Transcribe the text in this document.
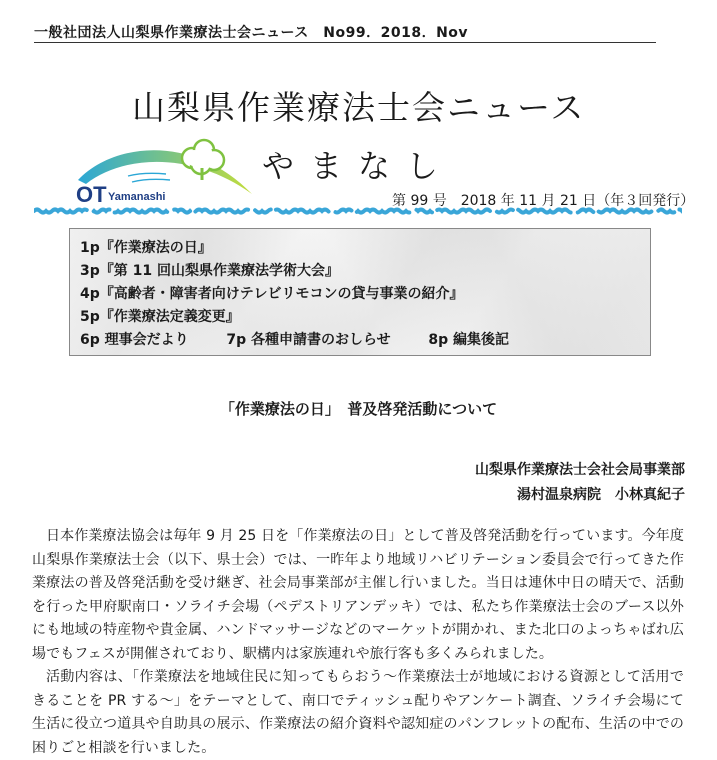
一般社団法人山梨県作業療法士会ニュース　No99．2018．Nov
山梨県作業療法士会ニュース
やまなし
OT Yamanashi	第 99 号　2018 年 11 月 21 日（年３回発行）
1p『作業療法の日』
3p『第 11 回山梨県作業療法学術大会』
4p『高齢者・障害者向けテレビリモコンの貸与事業の紹介』
5p『作業療法定義変更』
6p 理事会だより	7p 各種申請書のおしらせ	8p 編集後記
「作業療法の日」　普及啓発活動について
山梨県作業療法士会社会局事業部
湯村温泉病院　小林真紀子

日本作業療法協会は毎年 9 月 25 日を「作業療法の日」として普及啓発活動を行っています。今年度山梨県作業療法士会（以下、県士会）では、一昨年より地域リハビリテーション委員会で行ってきた作業療法の普及啓発活動を受け継ぎ、社会局事業部が主催し行いました。当日は連休中日の晴天で、活動を行った甲府駅南口・ソライチ会場（ペデストリアンデッキ）では、私たち作業療法士会のブース以外にも地域の特産物や貴金属、ハンドマッサージなどのマーケットが開かれ、また北口のよっちゃばれ広場でもフェスが開催されており、駅構内は家族連れや旅行客も多くみられました。

活動内容は、「作業療法を地域住民に知ってもらおう～作業療法士が地域における資源として活用できることを PR する～」をテーマとして、南口でティッシュ配りやアンケート調査、ソライチ会場にて生活に役立つ道具や自助具の展示、作業療法の紹介資料や認知症のパンフレットの配布、生活の中での困りごと相談を行いました。
